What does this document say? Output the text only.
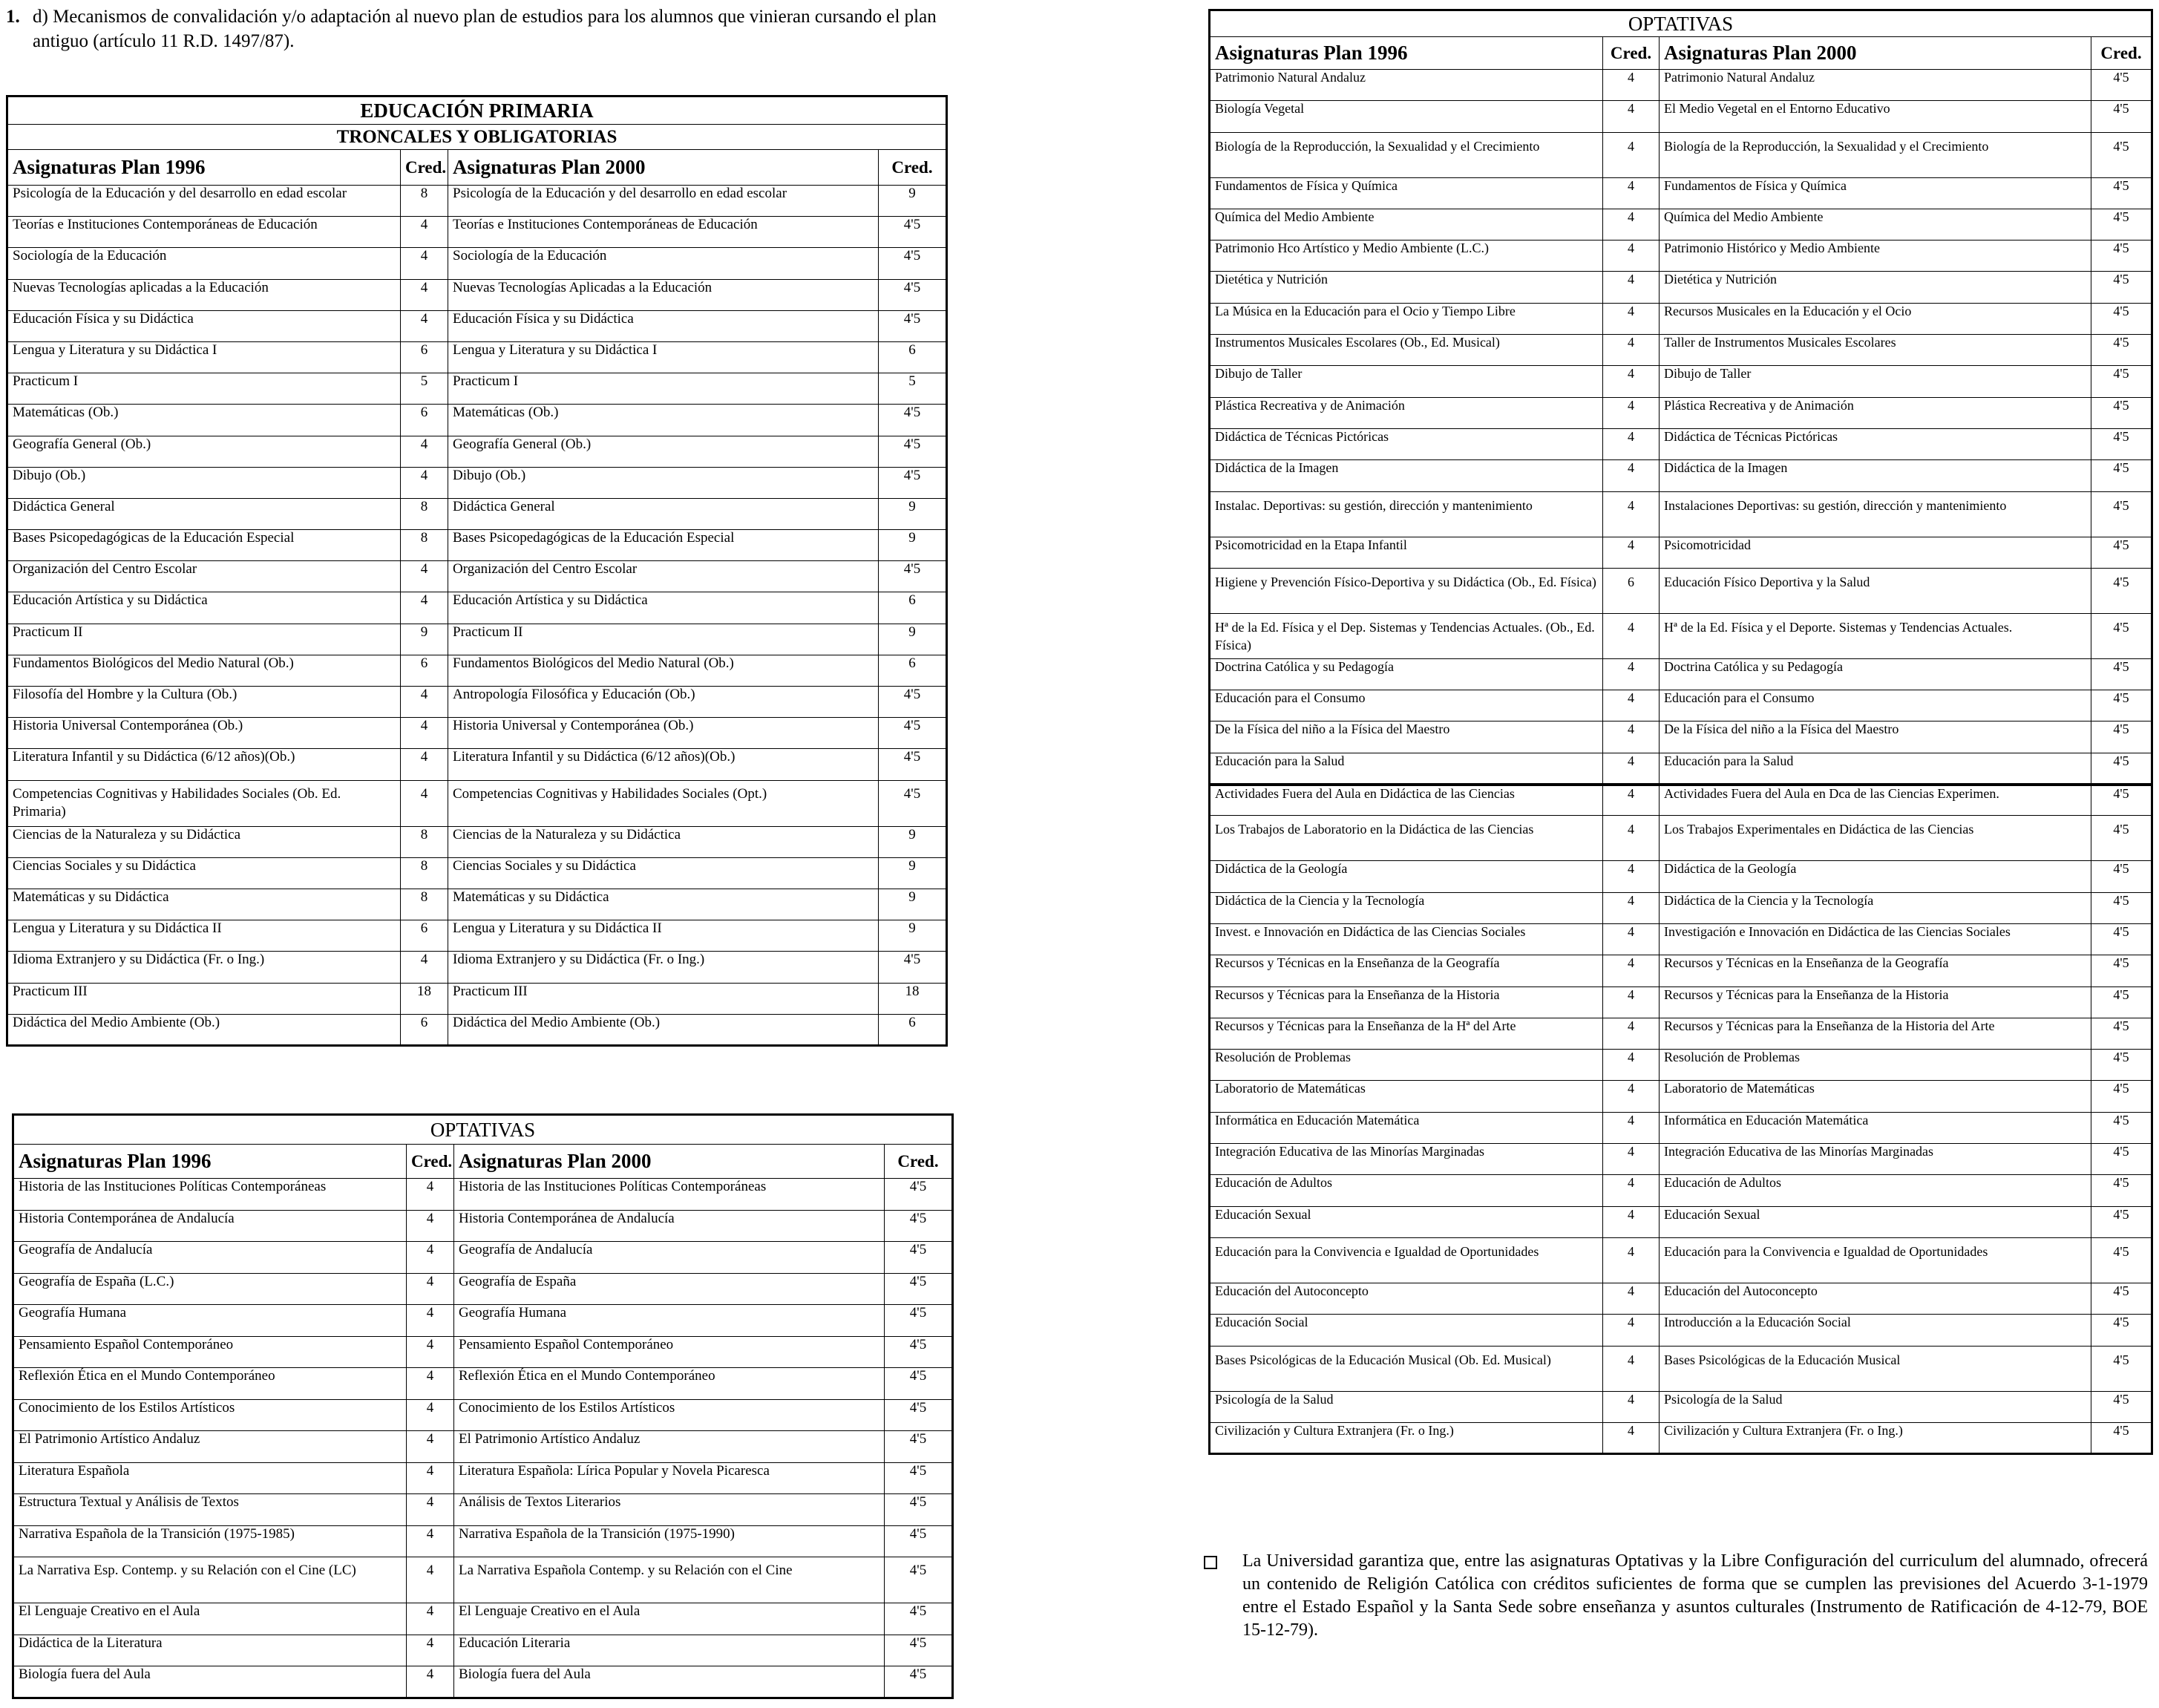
1. d) Mecanismos de convalidación y/o adaptación al nuevo plan de estudios para los alumnos que vinieran cursando el plan antiguo (artículo 11 R.D. 1497/87).
EDUCACIÓN PRIMARIA			
TRONCALES Y OBLIGATORIAS			
Asignaturas Plan 1996	Cred.	Asignaturas Plan 2000	Cred.
Psicología de la Educación y del desarrollo en edad escolar	8	Psicología de la Educación y del desarrollo en edad escolar	9
Teorías e Instituciones Contemporáneas de Educación	4	Teorías e Instituciones Contemporáneas de Educación	4'5
Sociología de la Educación	4	Sociología de la Educación	4'5
Nuevas Tecnologías aplicadas a la Educación	4	Nuevas Tecnologías Aplicadas a la Educación	4'5
Educación Física y su Didáctica	4	Educación Física y su Didáctica	4'5
Lengua y Literatura y su Didáctica I	6	Lengua y Literatura y su Didáctica I	6
Practicum I	5	Practicum I	5
Matemáticas (Ob.)	6	Matemáticas (Ob.)	4'5
Geografía General (Ob.)	4	Geografía General (Ob.)	4'5
Dibujo (Ob.)	4	Dibujo (Ob.)	4'5
Didáctica General	8	Didáctica General	9
Bases Psicopedagógicas de la Educación Especial	8	Bases Psicopedagógicas de la Educación Especial	9
Organización del Centro Escolar	4	Organización del Centro Escolar	4'5
Educación Artística y su Didáctica	4	Educación Artística y su Didáctica	6
Practicum II	9	Practicum II	9
Fundamentos Biológicos del Medio Natural (Ob.)	6	Fundamentos Biológicos del Medio Natural (Ob.)	6
Filosofía del Hombre y la Cultura (Ob.)	4	Antropología Filosófica y Educación (Ob.)	4'5
Historia Universal Contemporánea (Ob.)	4	Historia Universal y Contemporánea (Ob.)	4'5
Literatura Infantil y su Didáctica (6/12 años)(Ob.)	4	Literatura Infantil y su Didáctica (6/12 años)(Ob.)	4'5
Competencias Cognitivas y Habilidades Sociales (Ob. Ed. Primaria)	4	Competencias Cognitivas y Habilidades Sociales (Opt.)	4'5
Ciencias de la Naturaleza y su Didáctica	8	Ciencias de la Naturaleza y su Didáctica	9
Ciencias Sociales y su Didáctica	8	Ciencias Sociales y su Didáctica	9
Matemáticas y su Didáctica	8	Matemáticas y su Didáctica	9
Lengua y Literatura y su Didáctica II	6	Lengua y Literatura y su Didáctica II	9
Idioma Extranjero y su Didáctica (Fr. o Ing.)	4	Idioma Extranjero y su Didáctica (Fr. o Ing.)	4'5
Practicum III	18	Practicum III	18
Didáctica del Medio Ambiente (Ob.)	6	Didáctica del Medio Ambiente (Ob.)	6
OPTATIVAS			
Asignaturas Plan 1996	Cred.	Asignaturas Plan 2000	Cred.
Historia de las Instituciones Políticas Contemporáneas	4	Historia de las Instituciones Políticas Contemporáneas	4'5
Historia Contemporánea de Andalucía	4	Historia Contemporánea de Andalucía	4'5
Geografía de Andalucía	4	Geografía de Andalucía	4'5
Geografía de España (L.C.)	4	Geografía de España	4'5
Geografía Humana	4	Geografía Humana	4'5
Pensamiento Español Contemporáneo	4	Pensamiento Español Contemporáneo	4'5
Reflexión Ética en el Mundo Contemporáneo	4	Reflexión Ética en el Mundo Contemporáneo	4'5
Conocimiento de los Estilos Artísticos	4	Conocimiento de los Estilos Artísticos	4'5
El Patrimonio Artístico Andaluz	4	El Patrimonio Artístico Andaluz	4'5
Literatura Española	4	Literatura Española: Lírica Popular y Novela Picaresca	4'5
Estructura Textual y Análisis de Textos	4	Análisis de Textos Literarios	4'5
Narrativa Española de la Transición (1975-1985)	4	Narrativa Española de la Transición (1975-1990)	4'5
La Narrativa Esp. Contemp. y su Relación con el Cine (LC)	4	La Narrativa Española Contemp. y su Relación con el Cine	4'5
El Lenguaje Creativo en el Aula	4	El Lenguaje Creativo en el Aula	4'5
Didáctica de la Literatura	4	Educación Literaria	4'5
Biología fuera del Aula	4	Biología fuera del Aula	4'5
OPTATIVAS			
Asignaturas Plan 1996	Cred.	Asignaturas Plan 2000	Cred.
Patrimonio Natural Andaluz	4	Patrimonio Natural Andaluz	4'5
Biología Vegetal	4	El Medio Vegetal en el Entorno Educativo	4'5
Biología de la Reproducción, la Sexualidad y el Crecimiento	4	Biología de la Reproducción, la Sexualidad y el Crecimiento	4'5
Fundamentos de Física y Química	4	Fundamentos de Física y Química	4'5
Química del Medio Ambiente	4	Química del Medio Ambiente	4'5
Patrimonio Hco Artístico y Medio Ambiente (L.C.)	4	Patrimonio Histórico y Medio Ambiente	4'5
Dietética y Nutrición	4	Dietética y Nutrición	4'5
La Música en la Educación para el Ocio y Tiempo Libre	4	Recursos Musicales en la Educación y el Ocio	4'5
Instrumentos Musicales Escolares (Ob., Ed. Musical)	4	Taller de Instrumentos Musicales Escolares	4'5
Dibujo de Taller	4	Dibujo de Taller	4'5
Plástica Recreativa y de Animación	4	Plástica Recreativa y de Animación	4'5
Didáctica de Técnicas Pictóricas	4	Didáctica de Técnicas Pictóricas	4'5
Didáctica de la Imagen	4	Didáctica de la Imagen	4'5
Instalac. Deportivas: su gestión, dirección y mantenimiento	4	Instalaciones Deportivas: su gestión, dirección y mantenimiento	4'5
Psicomotricidad en la Etapa Infantil	4	Psicomotricidad	4'5
Higiene y Prevención Físico-Deportiva y su Didáctica (Ob., Ed. Física)	6	Educación Físico Deportiva y la Salud	4'5
Hª de la Ed. Física y el Dep. Sistemas y Tendencias Actuales. (Ob., Ed. Física)	4	Hª de la Ed. Física y el Deporte. Sistemas y Tendencias Actuales.	4'5
Doctrina Católica y su Pedagogía	4	Doctrina Católica y su Pedagogía	4'5
Educación para el Consumo	4	Educación para el Consumo	4'5
De la Física del niño a la Física del Maestro	4	De la Física del niño a la Física del Maestro	4'5
Educación para la Salud	4	Educación para la Salud	4'5
Actividades Fuera del Aula en Didáctica de las Ciencias	4	Actividades Fuera del Aula en Dca de las Ciencias Experimen.	4'5
Los Trabajos de Laboratorio en la Didáctica de las Ciencias	4	Los Trabajos Experimentales en Didáctica de las Ciencias	4'5
Didáctica de la Geología	4	Didáctica de la Geología	4'5
Didáctica de la Ciencia y la Tecnología	4	Didáctica de la Ciencia y la Tecnología	4'5
Invest. e Innovación en Didáctica de las Ciencias Sociales	4	Investigación e Innovación en Didáctica de las Ciencias Sociales	4'5
Recursos y Técnicas en la Enseñanza de la Geografía	4	Recursos y Técnicas en la Enseñanza de la Geografía	4'5
Recursos y Técnicas para la Enseñanza de la Historia	4	Recursos y Técnicas para la Enseñanza de la Historia	4'5
Recursos y Técnicas para la Enseñanza de la Hª del Arte	4	Recursos y Técnicas para la Enseñanza de la Historia del Arte	4'5
Resolución de Problemas	4	Resolución de Problemas	4'5
Laboratorio de Matemáticas	4	Laboratorio de Matemáticas	4'5
Informática en Educación Matemática	4	Informática en Educación Matemática	4'5
Integración Educativa de las Minorías Marginadas	4	Integración Educativa de las Minorías Marginadas	4'5
Educación de Adultos	4	Educación de Adultos	4'5
Educación Sexual	4	Educación Sexual	4'5
Educación para la Convivencia e Igualdad de Oportunidades	4	Educación para la Convivencia e Igualdad de Oportunidades	4'5
Educación del Autoconcepto	4	Educación del Autoconcepto	4'5
Educación Social	4	Introducción a la Educación Social	4'5
Bases Psicológicas de la Educación Musical (Ob. Ed. Musical)	4	Bases Psicológicas de la Educación Musical	4'5
Psicología de la Salud	4	Psicología de la Salud	4'5
Civilización y Cultura Extranjera (Fr. o Ing.)	4	Civilización y Cultura Extranjera (Fr. o Ing.)	4'5
La Universidad garantiza que, entre las asignaturas Optativas y la Libre Configuración del curriculum del alumnado, ofrecerá un contenido de Religión Católica con créditos suficientes de forma que se cumplen las previsiones del Acuerdo 3-1-1979 entre el Estado Español y la Santa Sede sobre enseñanza y asuntos culturales (Instrumento de Ratificación de 4-12-79, BOE 15-12-79).
